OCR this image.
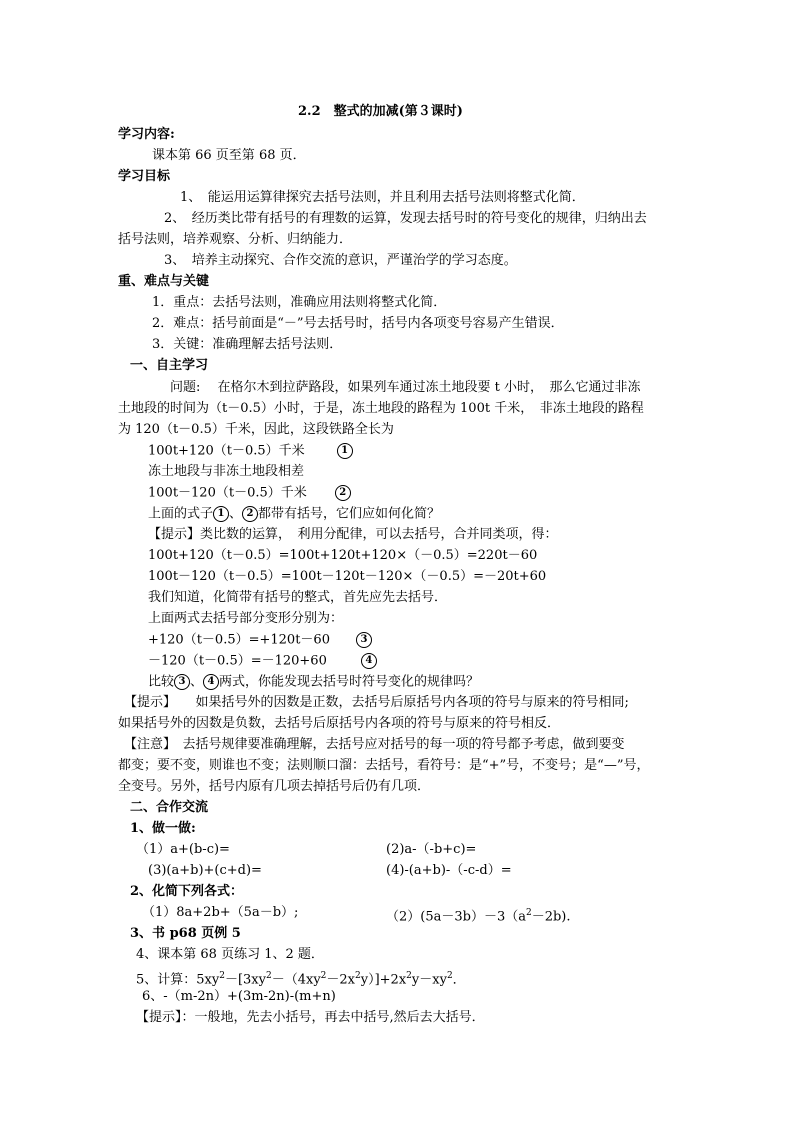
2.2　整式的加减(第３课时)
学习内容:
课本第 66 页至第 68 页．
学习目标
1、　能运用运算律探究去括号法则，并且利用去括号法则将整式化简．
2、　经历类比带有括号的有理数的运算，发现去括号时的符号变化的规律，归纳出去
括号法则，培养观察、分析、归纳能力．
3、　培养主动探究、合作交流的意识，严谨治学的学习态度。
重、难点与关键
1．重点：去括号法则，准确应用法则将整式化简．
2．难点：括号前面是“－”号去括号时，括号内各项变号容易产生错误．
3．关键：准确理解去括号法则．
一、自主学习
问题:　 在格尔木到拉萨路段，如果列车通过冻土地段要 t 小时，　那么它通过非冻
土地段的时间为（t－0.5）小时，于是，冻土地段的路程为 100t 千米，　非冻土地段的路程
为 120（t－0.5）千米，因此，这段铁路全长为
100t+120（t－0.5）千米	1
冻土地段与非冻土地段相差
100t－120（t－0.5）千米	2
上面的式子 1 、 2 都带有括号，它们应如何化简？
【提示】类比数的运算，　利用分配律，可以去括号，合并同类项，得：
100t+120（t－0.5）=100t+120t+120×（－0.5）=220t－60
100t－120（t－0.5）=100t－120t－120×（－0.5）=－20t+60
我们知道，化简带有括号的整式，首先应先去括号．
上面两式去括号部分变形分别为：
+120（t－0.5）=+120t－60	3
－120（t－0.5）=－120+60	4
比较 3 、 4 两式，你能发现去括号时符号变化的规律吗？
【提示】　　如果括号外的因数是正数，去括号后原括号内各项的符号与原来的符号相同;
如果括号外的因数是负数，去括号后原括号内各项的符号与原来的符号相反．
【注意】　去括号规律要准确理解，去括号应对括号的每一项的符号都予考虑，做到要变
都变；要不变，则谁也不变；法则顺口溜：去括号，看符号：是“+”号，不变号；是“—”号，
全变号。另外，括号内原有几项去掉括号后仍有几项．
二、合作交流
1、做一做:
（1）a+(b-c)=	(2)a-（-b+c)=
(3)(a+b)+(c+d)=	(4)-(a+b)-（-c-d）=
2、化简下列各式：
（1）8a+2b+（5a－b）;	$(2)(5a-3b)-3(a^2-2b)$.
3、书 p68 页例 5
4、课本第 68 页练习 1、2 题．
5、计算：$5xy^2-[3xy^2-(4xy^2-2x^2y)]+2x^2y-xy^2$．
6、-（m-2n）+(3m-2n)-(m+n)
【提示】：一般地，先去小括号，再去中括号,然后去大括号．
